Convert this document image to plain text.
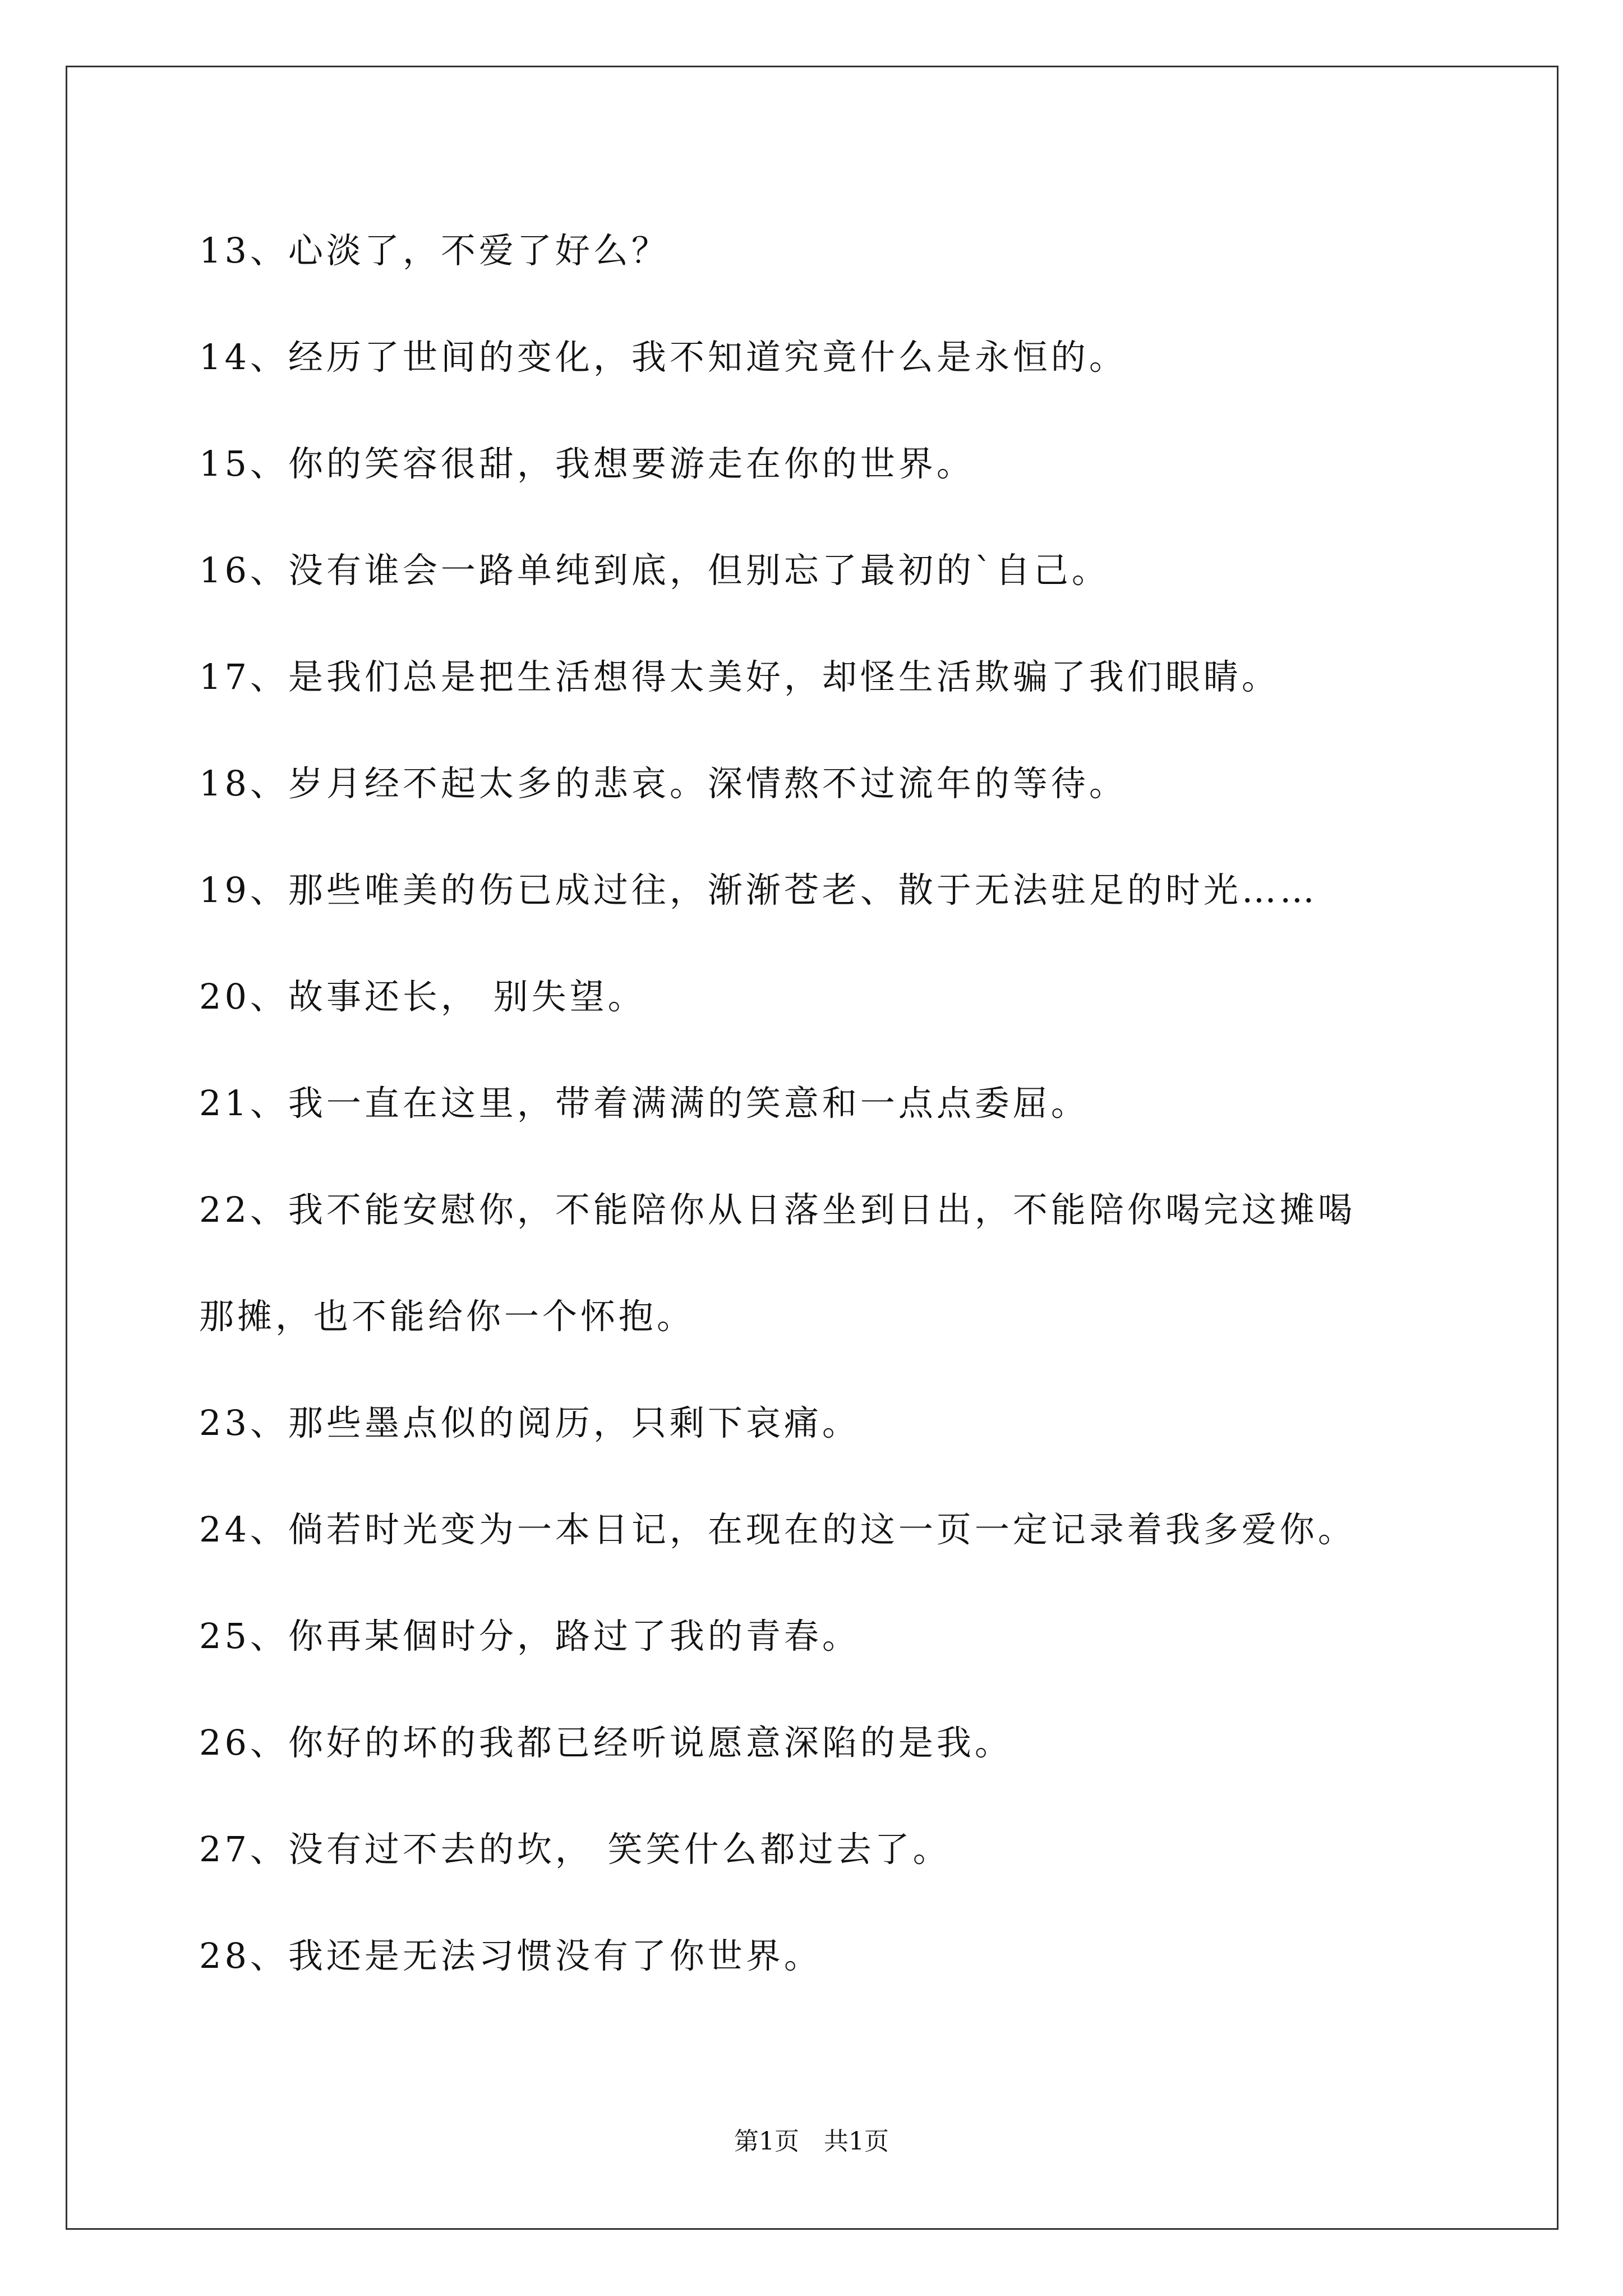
13、心淡了，不爱了好么？
14、经历了世间的变化，我不知道究竟什么是永恒的。
15、你的笑容很甜，我想要游走在你的世界。
16、没有谁会一路单纯到底，但别忘了最初的`自己。
17、是我们总是把生活想得太美好，却怪生活欺骗了我们眼睛。
18、岁月经不起太多的悲哀。深情熬不过流年的等待。
19、那些唯美的伤已成过往，渐渐苍老、散于无法驻足的时光……
20、故事还长， 别失望。
21、我一直在这里，带着满满的笑意和一点点委屈。
22、我不能安慰你，不能陪你从日落坐到日出，不能陪你喝完这摊喝
那摊，也不能给你一个怀抱。
23、那些墨点似的阅历，只剩下哀痛。
24、倘若时光变为一本日记，在现在的这一页一定记录着我多爱你。
25、你再某個时分，路过了我的青春。
26、你好的坏的我都已经听说愿意深陷的是我。
27、没有过不去的坎， 笑笑什么都过去了。
28、我还是无法习惯没有了你世界。
第1页　共1页
